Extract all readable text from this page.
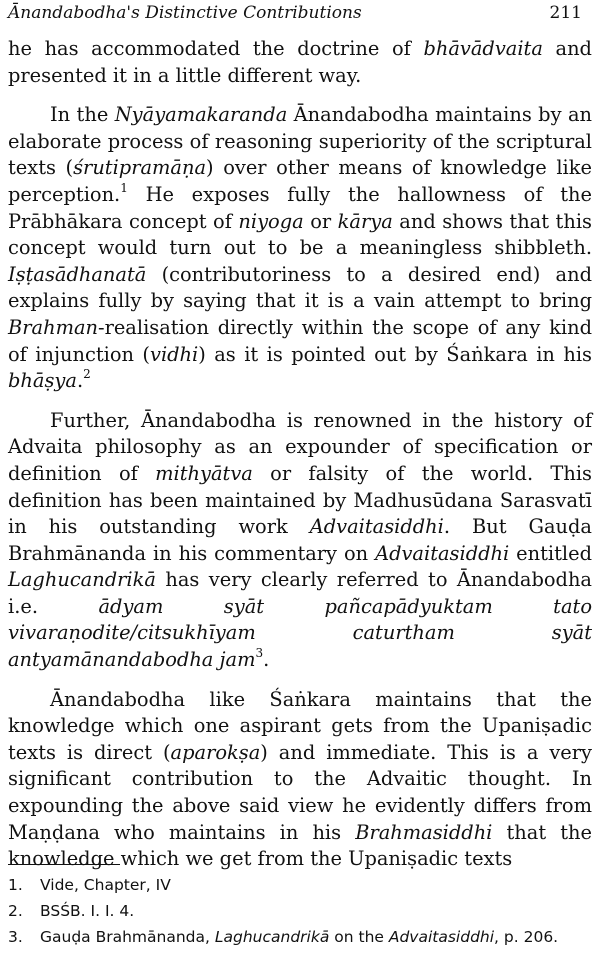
Ānandabodha's Distinctive Contributions	211

he has accommodated the doctrine of bhāvādvaita and presented it in a little different way.

In the Nyāyamakaranda Ānandabodha maintains by an elaborate process of reasoning superiority of the scriptural texts (śrutipramāṇa) over other means of knowledge like perception.$^1$ He exposes fully the hallowness of the Prābhākara concept of niyoga or kārya and shows that this concept would turn out to be a meaningless shibbleth. Iṣṭasādhanatā (contributoriness to a desired end) and explains fully by saying that it is a vain attempt to bring Brahman-realisation directly within the scope of any kind of injunction (vidhi) as it is pointed out by Śaṅkara in his bhāṣya.$^2$

Further, Ānandabodha is renowned in the history of Advaita philosophy as an expounder of specification or definition of mithyātva or falsity of the world. This definition has been maintained by Madhusūdana Sarasvatī in his outstanding work Advaitasiddhi. But Gauḍa Brahmānanda in his commentary on Advaitasiddhi entitled Laghucandrikā has very clearly referred to Ānandabodha i.e. ādyam syāt pañcapādyuktam tato vivaraṇodite/citsukhīyam caturtham syāt antyamānandabodha jam$^3$.

Ānandabodha like Śaṅkara maintains that the knowledge which one aspirant gets from the Upaniṣadic texts is direct (aparokṣa) and immediate. This is a very significant contribution to the Advaitic thought. In expounding the above said view he evidently differs from Maṇḍana who maintains in his Brahmasiddhi that the knowledge which we get from the Upaniṣadic texts

1.	Vide, Chapter, IV
2.	BSŚB. I. I. 4.
3.	Gauḍa Brahmānanda, Laghucandrikā on the Advaitasiddhi, p. 206.
